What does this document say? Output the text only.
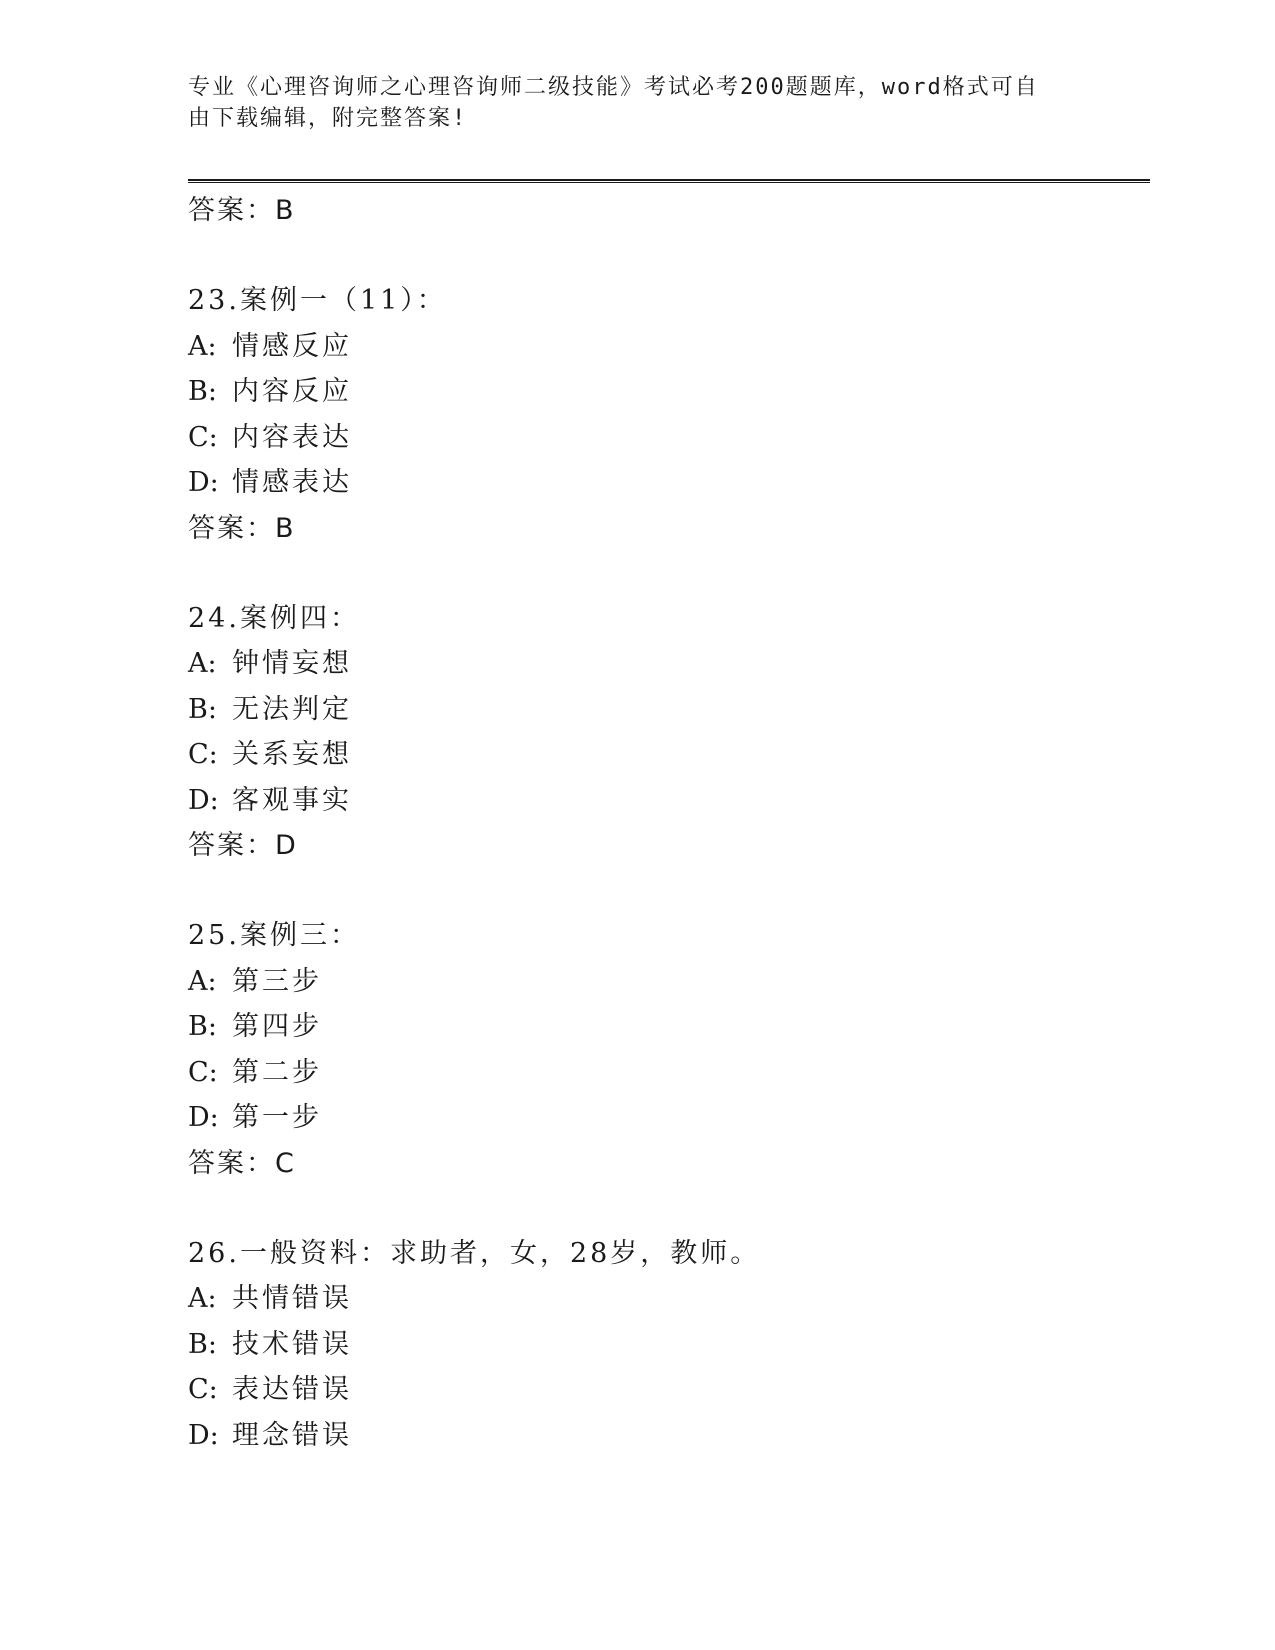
专业《心理咨询师之心理咨询师二级技能》考试必考200题题库，word格式可自
由下载编辑，附完整答案!
答案：B
23.案例一（11）：
A: 情感反应
B: 内容反应
C: 内容表达
D: 情感表达
答案：B
24.案例四：
A: 钟情妄想
B: 无法判定
C: 关系妄想
D: 客观事实
答案：D
25.案例三：
A: 第三步
B: 第四步
C: 第二步
D: 第一步
答案：C
26.一般资料：求助者，女，28岁，教师。
A: 共情错误
B: 技术错误
C: 表达错误
D: 理念错误
